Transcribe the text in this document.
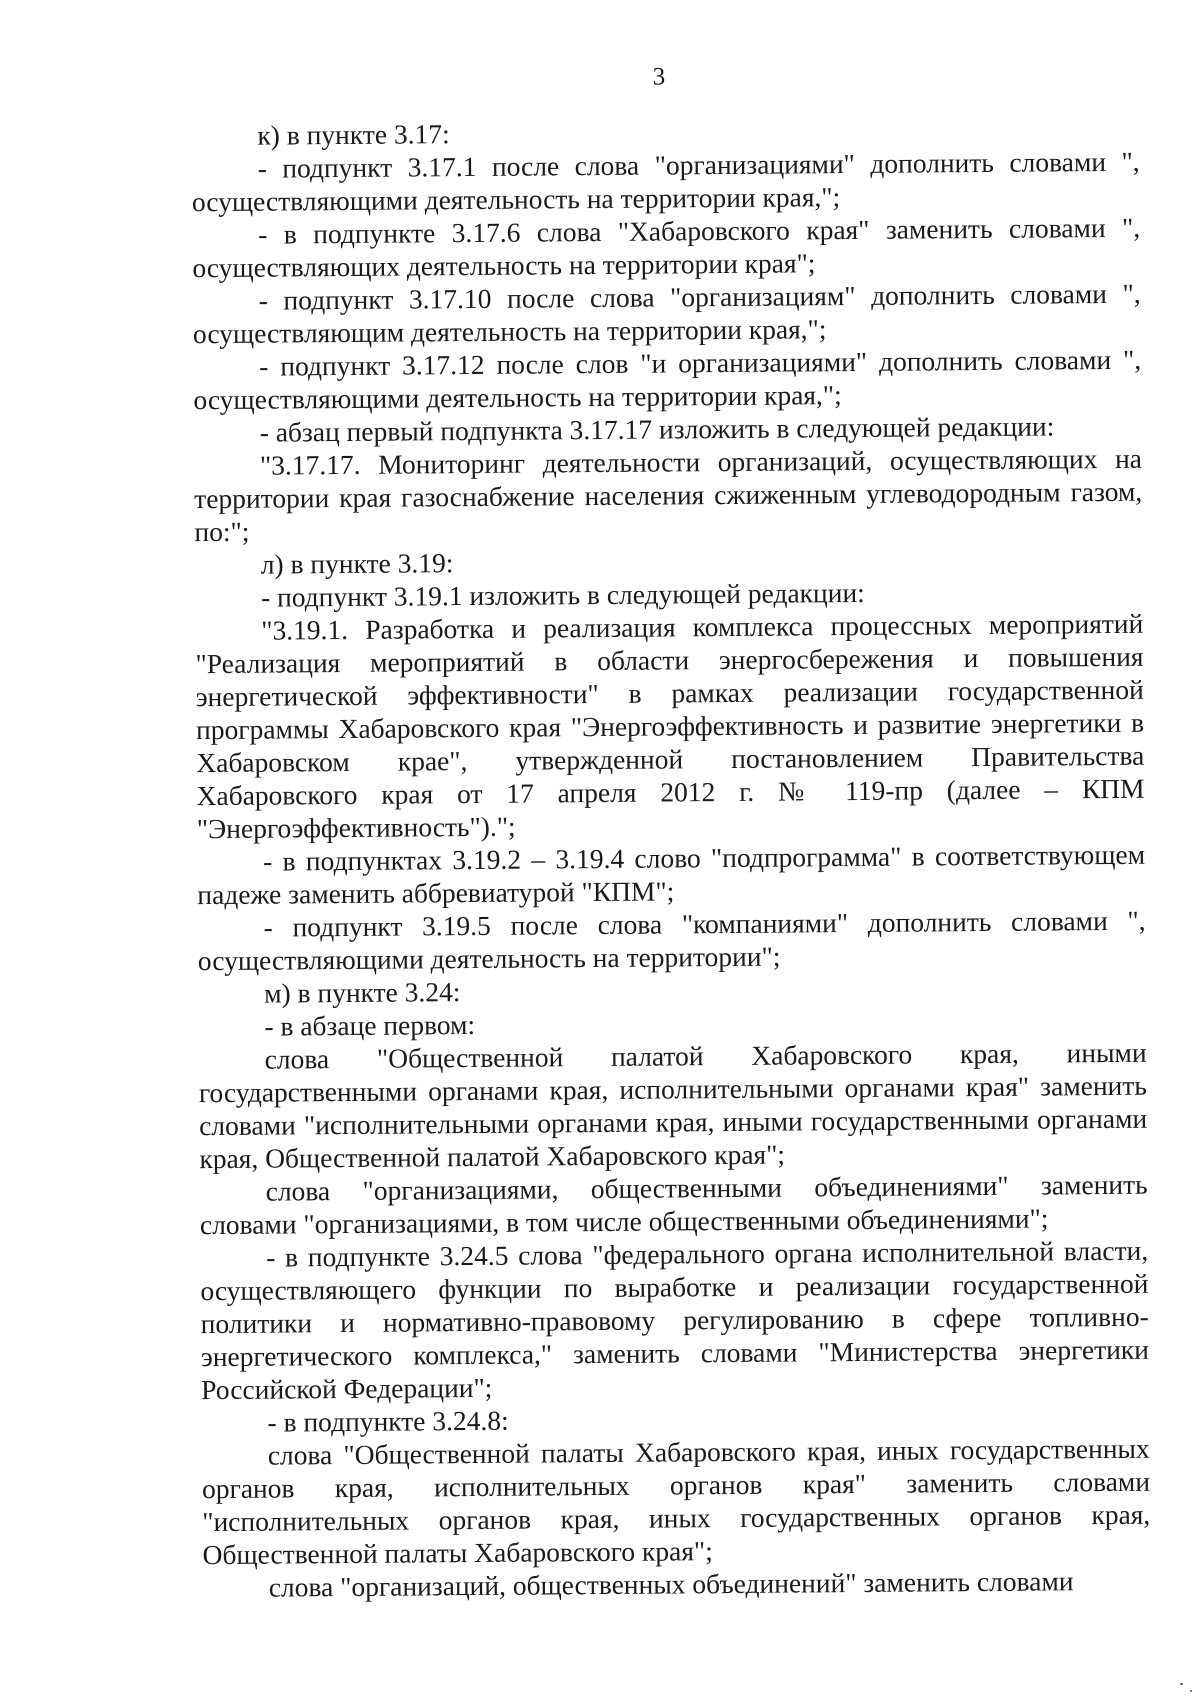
3

к) в пункте 3.17:

- подпункт 3.17.1 после слова "организациями" дополнить словами ", осуществляющими деятельность на территории края,";

- в подпункте 3.17.6 слова "Хабаровского края" заменить словами ", осуществляющих деятельность на территории края";

- подпункт 3.17.10 после слова "организациям" дополнить словами ", осуществляющим деятельность на территории края,";

- подпункт 3.17.12 после слов "и организациями" дополнить словами ", осуществляющими деятельность на территории края,";

- абзац первый подпункта 3.17.17 изложить в следующей редакции:

"3.17.17. Мониторинг деятельности организаций, осуществляющих на территории края газоснабжение населения сжиженным углеводородным газом, по:";

л) в пункте 3.19:

- подпункт 3.19.1 изложить в следующей редакции:

"3.19.1. Разработка и реализация комплекса процессных мероприятий "Реализация мероприятий в области энергосбережения и повышения энергетической эффективности" в рамках реализации государственной программы Хабаровского края "Энергоэффективность и развитие энергетики в Хабаровском крае", утвержденной постановлением Правительства Хабаровского края от 17 апреля 2012 г. № 119-пр (далее – КПМ "Энергоэффективность").";

- в подпунктах 3.19.2 – 3.19.4 слово "подпрограмма" в соответствующем падеже заменить аббревиатурой "КПМ";

- подпункт 3.19.5 после слова "компаниями" дополнить словами ", осуществляющими деятельность на территории";

м) в пункте 3.24:

- в абзаце первом:

слова "Общественной палатой Хабаровского края, иными государственными органами края, исполнительными органами края" заменить словами "исполнительными органами края, иными государственными органами края, Общественной палатой Хабаровского края";

слова "организациями, общественными объединениями" заменить словами "организациями, в том числе общественными объединениями";

- в подпункте 3.24.5 слова "федерального органа исполнительной власти, осуществляющего функции по выработке и реализации государственной политики и нормативно-правовому регулированию в сфере топливно-энергетического комплекса," заменить словами "Министерства энергетики Российской Федерации";

- в подпункте 3.24.8:

слова "Общественной палаты Хабаровского края, иных государственных органов края, исполнительных органов края" заменить словами "исполнительных органов края, иных государственных органов края, Общественной палаты Хабаровского края";

слова "организаций, общественных объединений" заменить словами
